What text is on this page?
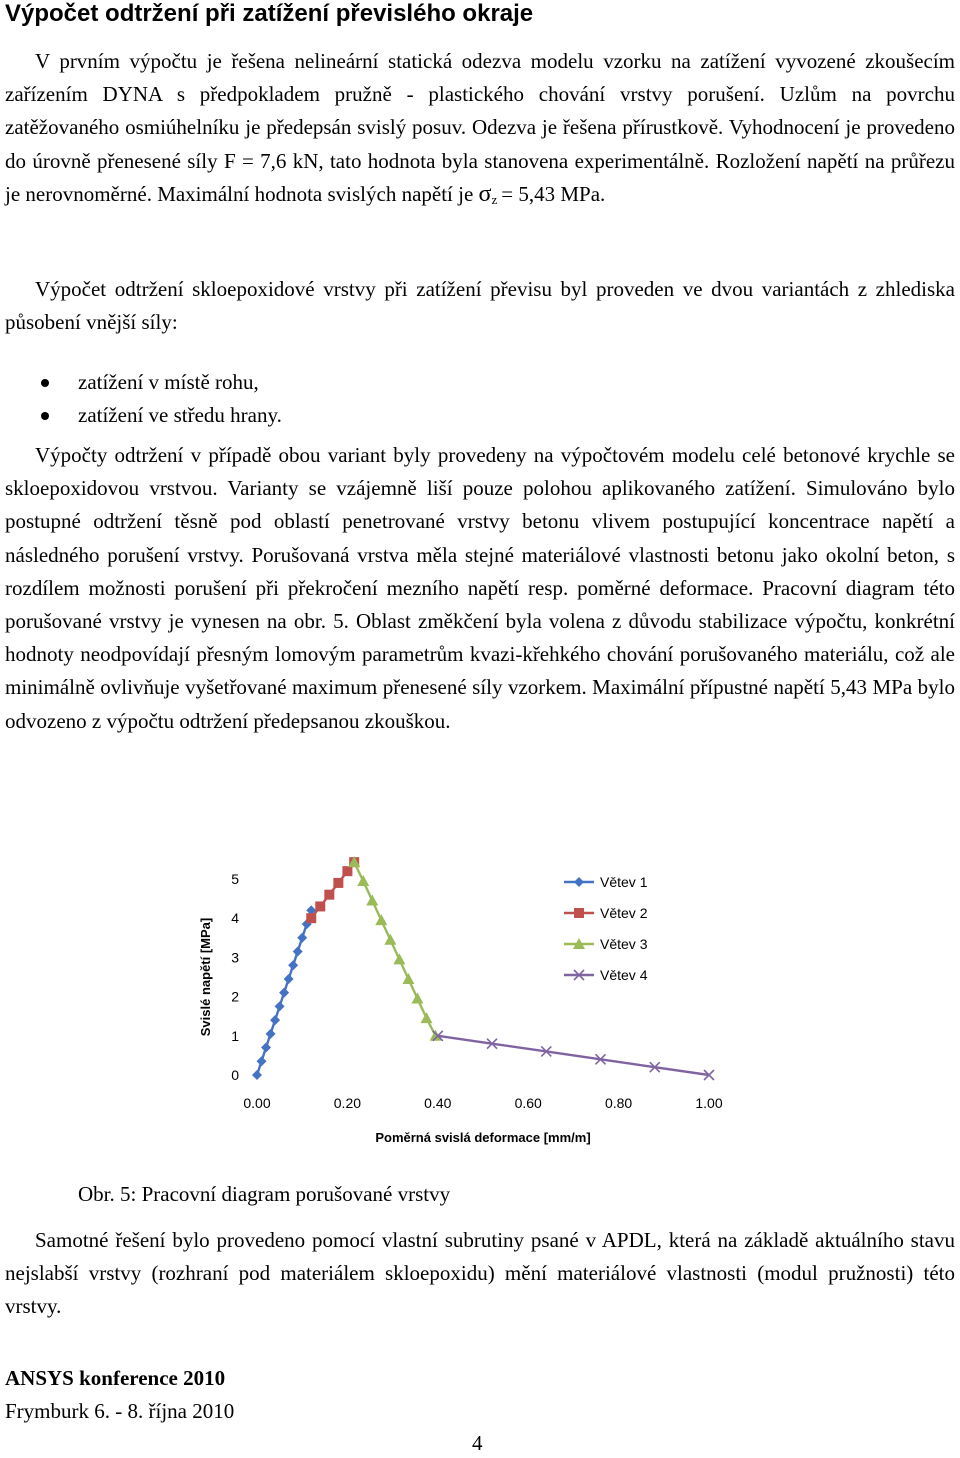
Výpočet odtržení při zatížení převislého okraje

V prvním výpočtu je řešena nelineární statická odezva modelu vzorku na zatížení vyvozené zkoušecím zařízením DYNA s předpokladem pružně - plastického chování vrstvy porušení. Uzlům na povrchu zatěžovaného osmiúhelníku je předepsán svislý posuv. Odezva je řešena přírustkově. Vyhodnocení je provedeno do úrovně přenesené síly F = 7,6 kN, tato hodnota byla stanovena experimentálně. Rozložení napětí na průřezu je nerovnoměrné. Maximální hodnota svislých napětí je σz = 5,43 MPa.

Výpočet odtržení skloepoxidové vrstvy při zatížení převisu byl proveden ve dvou variantách z zhlediska působení vnější síly:

zatížení v místě rohu,
zatížení ve středu hrany.

Výpočty odtržení v případě obou variant byly provedeny na výpočtovém modelu celé betonové krychle se skloepoxidovou vrstvou. Varianty se vzájemně liší pouze polohou aplikovaného zatížení. Simulováno bylo postupné odtržení těsně pod oblastí penetrované vrstvy betonu vlivem postupující koncentrace napětí a následného porušení vrstvy. Porušovaná vrstva měla stejné materiálové vlastnosti betonu jako okolní beton, s rozdílem možnosti porušení při překročení mezního napětí resp. poměrné deformace. Pracovní diagram této porušované vrstvy je vynesen na obr. 5. Oblast změkčení byla volena z důvodu stabilizace výpočtu, konkrétní hodnoty neodpovídají přesným lomovým parametrům kvazi-křehkého chování porušovaného materiálu, což ale minimálně ovlivňuje vyšetřované maximum přenesené síly vzorkem. Maximální přípustné napětí 5,43 MPa bylo odvozeno z výpočtu odtržení předepsanou zkouškou.

0
1
2
3
4
5
0.00	0.20	0.40	0.60	0.80	1.00
Poměrná svislá deformace [mm/m]
Svislé napětí [MPa]
Větev 1
Větev 2
Větev 3
Větev 4
Obr. 5: Pracovní diagram porušované vrstvy

Samotné řešení bylo provedeno pomocí vlastní subrutiny psané v APDL, která na základě aktuálního stavu nejslabší vrstvy (rozhraní pod materiálem skloepoxidu) mění materiálové vlastnosti (modul pružnosti) této vrstvy.

ANSYS konference 2010
Frymburk 6. - 8. října 2010
4
